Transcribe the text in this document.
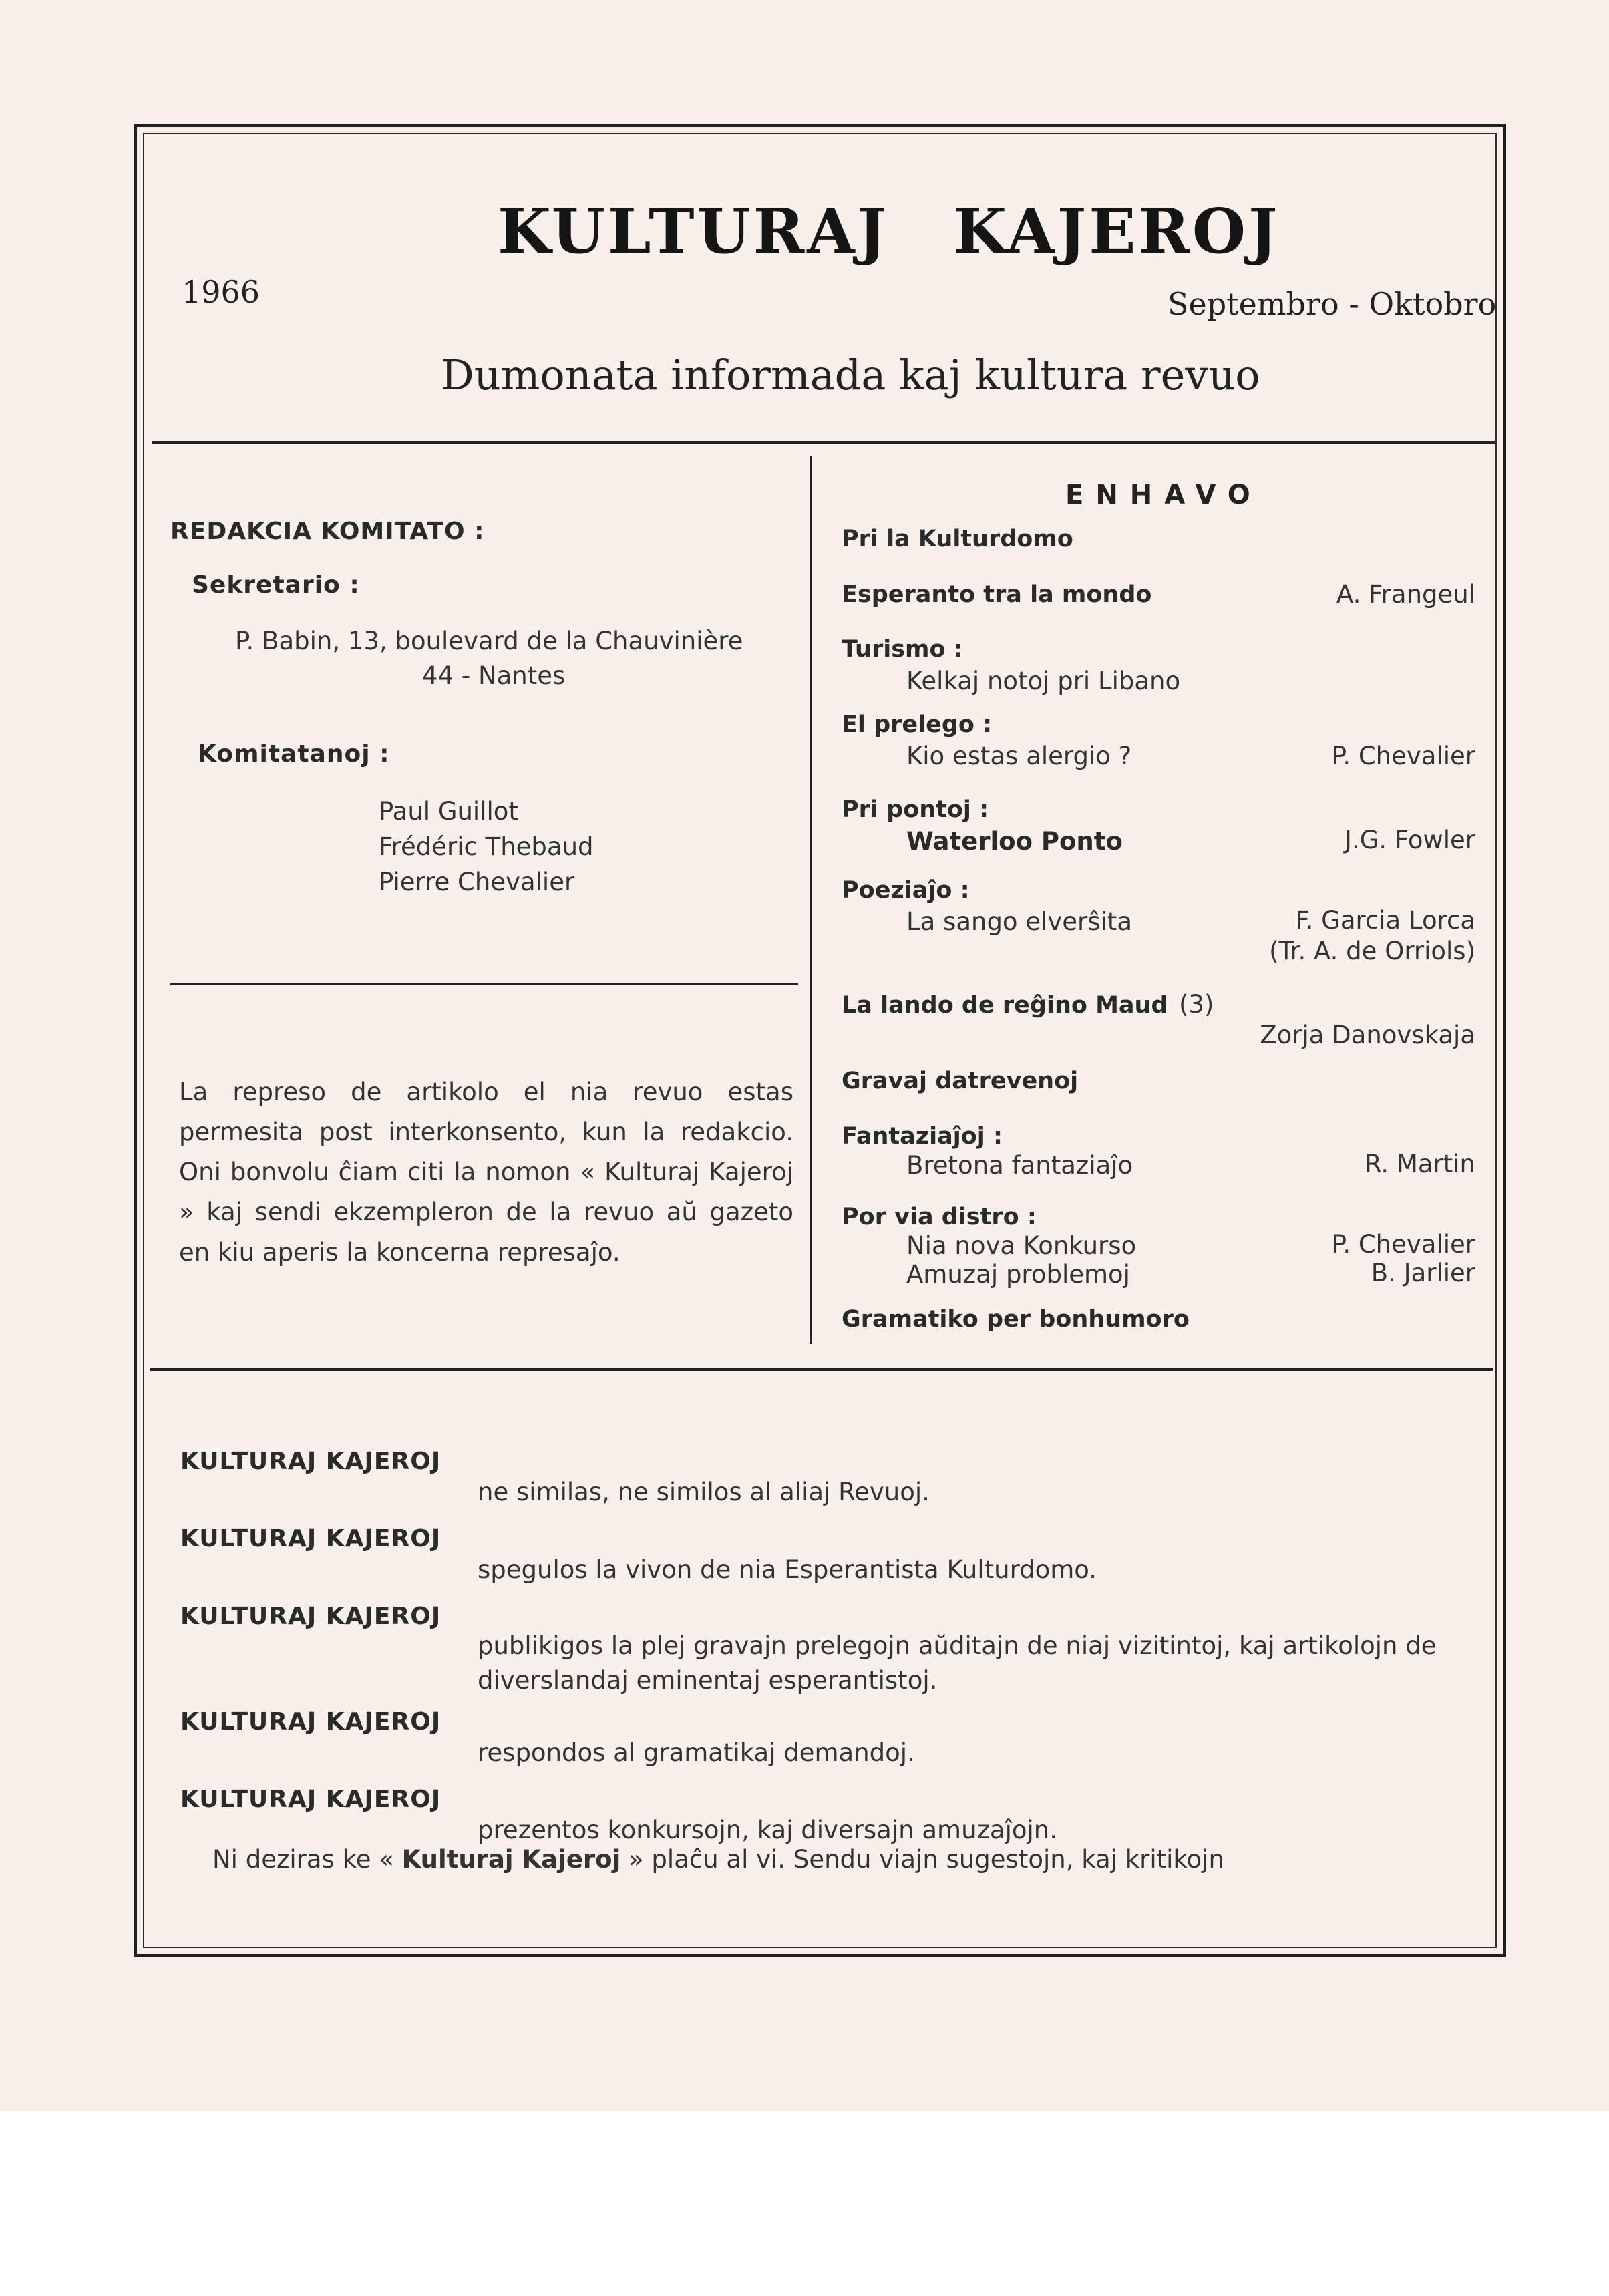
KULTURAJ KAJEROJ
1966	Septembro - Oktobro
Dumonata informada kaj kultura revuo
REDAKCIA KOMITATO :
Sekretario :
P. Babin, 13, boulevard de la Chauvinière
44 - Nantes
Komitatanoj :
Paul Guillot
Frédéric Thebaud
Pierre Chevalier
La represo de artikolo el nia revuo estas permesita post interkonsento, kun la redakcio. Oni bonvolu ĉiam citi la nomon « Kulturaj Kajeroj » kaj sendi ekzempleron de la revuo aŭ gazeto en kiu aperis la koncerna represaĵo.
ENHAVO
Pri la Kulturdomo
Esperanto tra la mondo	A. Frangeul
Turismo :
Kelkaj notoj pri Libano
El prelego :
Kio estas alergio ?	P. Chevalier
Pri pontoj :
Waterloo Ponto	J.G. Fowler
Poeziaĵo :
La sango elverŝita	F. Garcia Lorca
(Tr. A. de Orriols)
La lando de reĝino Maud (3)
Zorja Danovskaja
Gravaj datrevenoj
Fantaziaĵoj :
Bretona fantaziaĵo	R. Martin
Por via distro :
Nia nova Konkurso	P. Chevalier
Amuzaj problemoj	B. Jarlier
Gramatiko per bonhumoro
KULTURAJ KAJEROJ
ne similas, ne similos al aliaj Revuoj.
KULTURAJ KAJEROJ
spegulos la vivon de nia Esperantista Kulturdomo.
KULTURAJ KAJEROJ
publikigos la plej gravajn prelegojn aŭditajn de niaj vizitintoj, kaj artikolojn de diverslandaj eminentaj esperantistoj.
KULTURAJ KAJEROJ
respondos al gramatikaj demandoj.
KULTURAJ KAJEROJ
prezentos konkursojn, kaj diversajn amuzaĵojn.
Ni deziras ke « Kulturaj Kajeroj » plaĉu al vi. Sendu viajn sugestojn, kaj kritikojn
